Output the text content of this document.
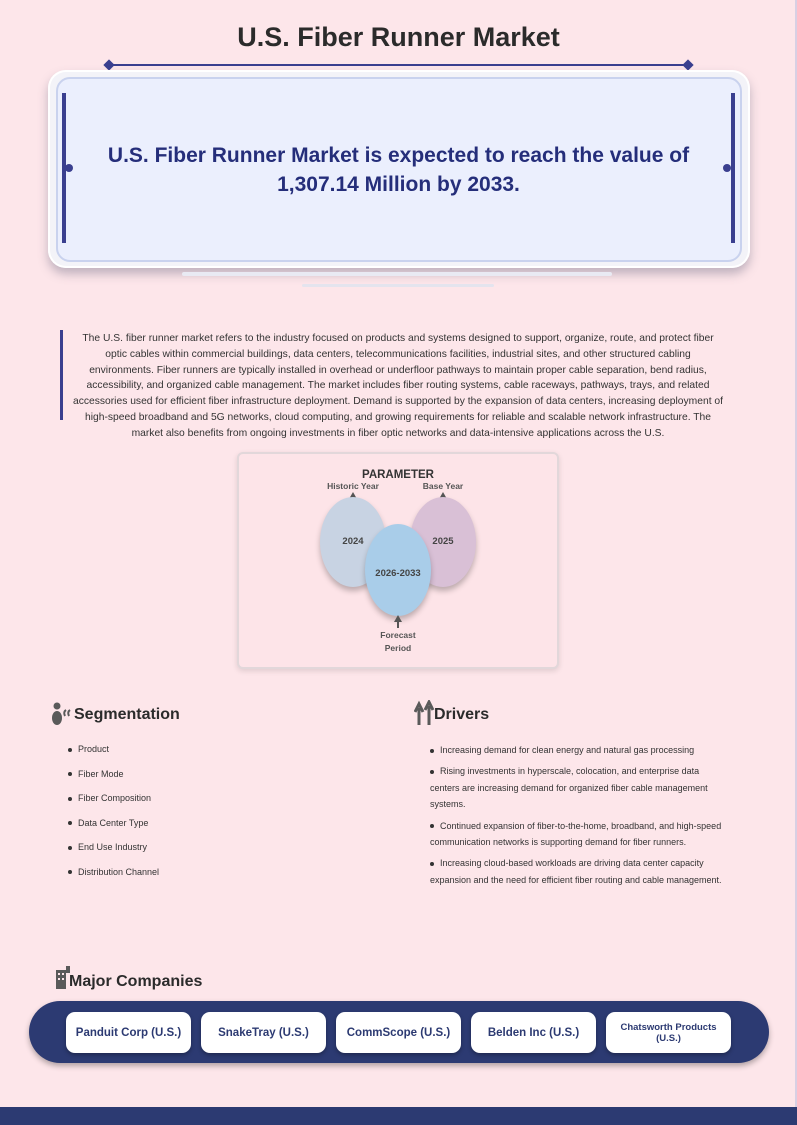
U.S. Fiber Runner Market

U.S. Fiber Runner Market is expected to reach the value of 1,307.14 Million by 2033.

The U.S. fiber runner market refers to the industry focused on products and systems designed to support, organize, route, and protect fiber optic cables within commercial buildings, data centers, telecommunications facilities, industrial sites, and other structured cabling environments. Fiber runners are typically installed in overhead or underfloor pathways to maintain proper cable separation, bend radius, accessibility, and organized cable management. The market includes fiber routing systems, cable raceways, pathways, trays, and related accessories used for efficient fiber infrastructure deployment. Demand is supported by the expansion of data centers, increasing deployment of high-speed broadband and 5G networks, cloud computing, and growing requirements for reliable and scalable network infrastructure. The market also benefits from ongoing investments in fiber optic networks and data-intensive applications across the U.S.

PARAMETER
Historic Year	Base Year
2024	2025
2026-2033
Forecast
Period
Segmentation
Product
Fiber Mode
Fiber Composition
Data Center Type
End Use Industry
Distribution Channel
Drivers
Increasing demand for clean energy and natural gas processing
Rising investments in hyperscale, colocation, and enterprise data centers are increasing demand for organized fiber cable management systems.
Continued expansion of fiber-to-the-home, broadband, and high-speed communication networks is supporting demand for fiber runners.
Increasing cloud-based workloads are driving data center capacity expansion and the need for efficient fiber routing and cable management.
Major Companies
Panduit Corp (U.S.)	SnakeTray (U.S.)	CommScope (U.S.)	Belden Inc (U.S.)	Chatsworth Products (U.S.)
